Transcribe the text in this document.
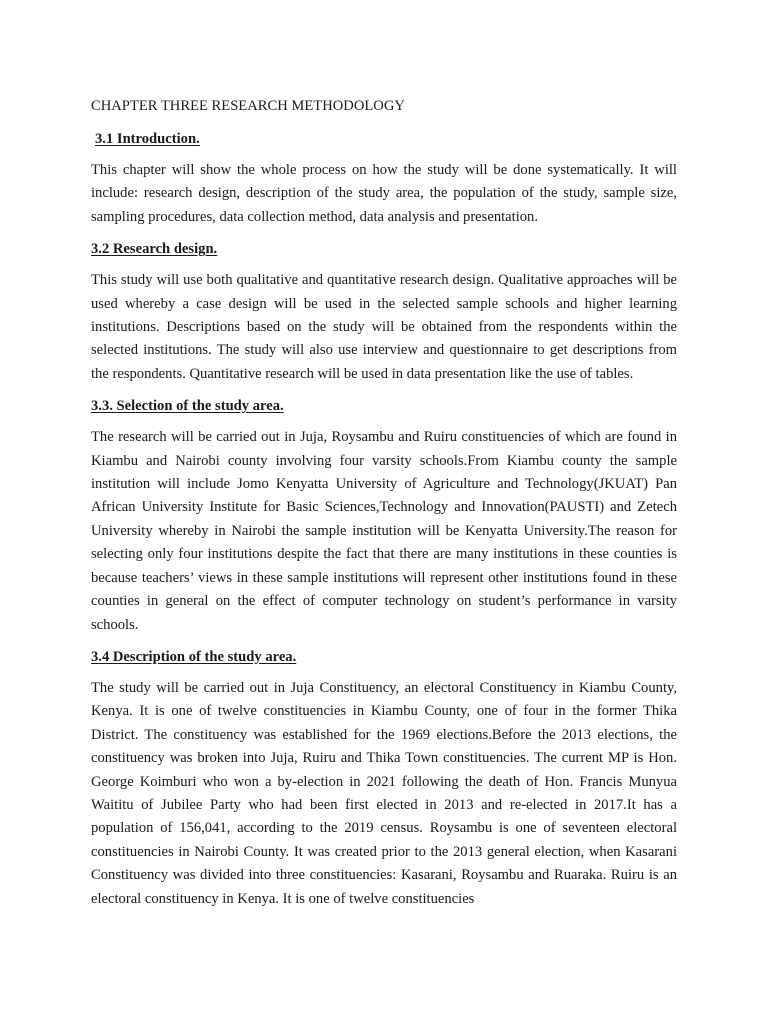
CHAPTER THREE RESEARCH METHODOLOGY
3.1 Introduction.

This chapter will show the whole process on how the study will be done systematically. It will include: research design, description of the study area, the population of the study, sample size, sampling procedures, data collection method, data analysis and presentation.

3.2 Research design.

This study will use both qualitative and quantitative research design. Qualitative approaches will be used whereby a case design will be used in the selected sample schools and higher learning institutions. Descriptions based on the study will be obtained from the respondents within the selected institutions. The study will also use interview and questionnaire to get descriptions from the respondents. Quantitative research will be used in data presentation like the use of tables.

3.3. Selection of the study area.

The research will be carried out in Juja, Roysambu and Ruiru constituencies of which are found in Kiambu and Nairobi county involving four varsity schools.From Kiambu county the sample institution will include Jomo Kenyatta University of Agriculture and Technology(JKUAT) Pan African University Institute for Basic Sciences,Technology and Innovation(PAUSTI) and Zetech University whereby in Nairobi the sample institution will be Kenyatta University.The reason for selecting only four institutions despite the fact that there are many institutions in these counties is because teachers’ views in these sample institutions will represent other institutions found in these counties in general on the effect of computer technology on student’s performance in varsity schools.

3.4 Description of the study area.

The study will be carried out in Juja Constituency, an electoral Constituency in Kiambu County, Kenya. It is one of twelve constituencies in Kiambu County, one of four in the former Thika District. The constituency was established for the 1969 elections.Before the 2013 elections, the constituency was broken into Juja, Ruiru and Thika Town constituencies. The current MP is Hon. George Koimburi who won a by-election in 2021 following the death of Hon. Francis Munyua Waititu of Jubilee Party who had been first elected in 2013 and re-elected in 2017.It has a population of 156,041, according to the 2019 census. Roysambu is one of seventeen electoral constituencies in Nairobi County. It was created prior to the 2013 general election, when Kasarani Constituency was divided into three constituencies: Kasarani, Roysambu and Ruaraka. Ruiru is an electoral constituency in Kenya. It is one of twelve constituencies
